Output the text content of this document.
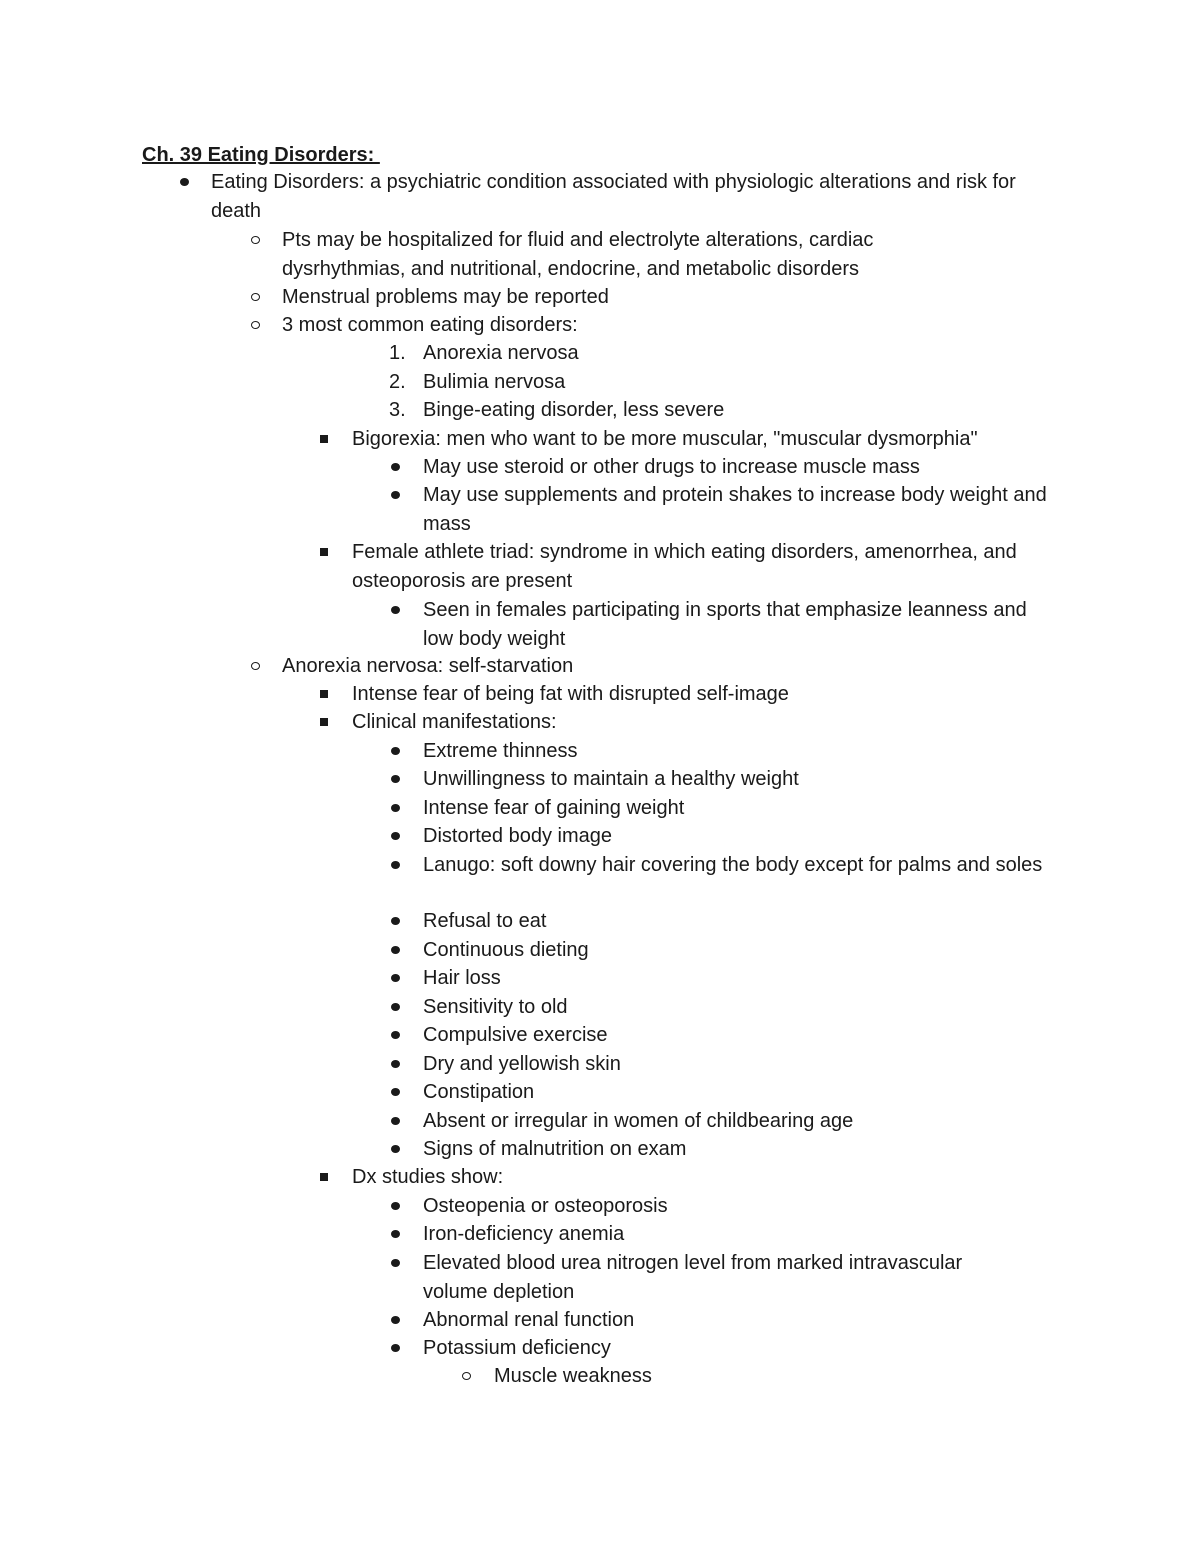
Ch. 39 Eating Disorders:
Eating Disorders: a psychiatric condition associated with physiologic alterations and risk for death
Pts may be hospitalized for fluid and electrolyte alterations, cardiac dysrhythmias, and nutritional, endocrine, and metabolic disorders
Menstrual problems may be reported
3 most common eating disorders:
1. Anorexia nervosa
2. Bulimia nervosa
3. Binge-eating disorder, less severe
Bigorexia: men who want to be more muscular, "muscular dysmorphia"
May use steroid or other drugs to increase muscle mass
May use supplements and protein shakes to increase body weight and mass
Female athlete triad: syndrome in which eating disorders, amenorrhea, and osteoporosis are present
Seen in females participating in sports that emphasize leanness and low body weight
Anorexia nervosa: self-starvation
Intense fear of being fat with disrupted self-image
Clinical manifestations:
Extreme thinness
Unwillingness to maintain a healthy weight
Intense fear of gaining weight
Distorted body image
Lanugo: soft downy hair covering the body except for palms and soles
Refusal to eat
Continuous dieting
Hair loss
Sensitivity to old
Compulsive exercise
Dry and yellowish skin
Constipation
Absent or irregular in women of childbearing age
Signs of malnutrition on exam
Dx studies show:
Osteopenia or osteoporosis
Iron-deficiency anemia
Elevated blood urea nitrogen level from marked intravascular volume depletion
Abnormal renal function
Potassium deficiency
Muscle weakness
